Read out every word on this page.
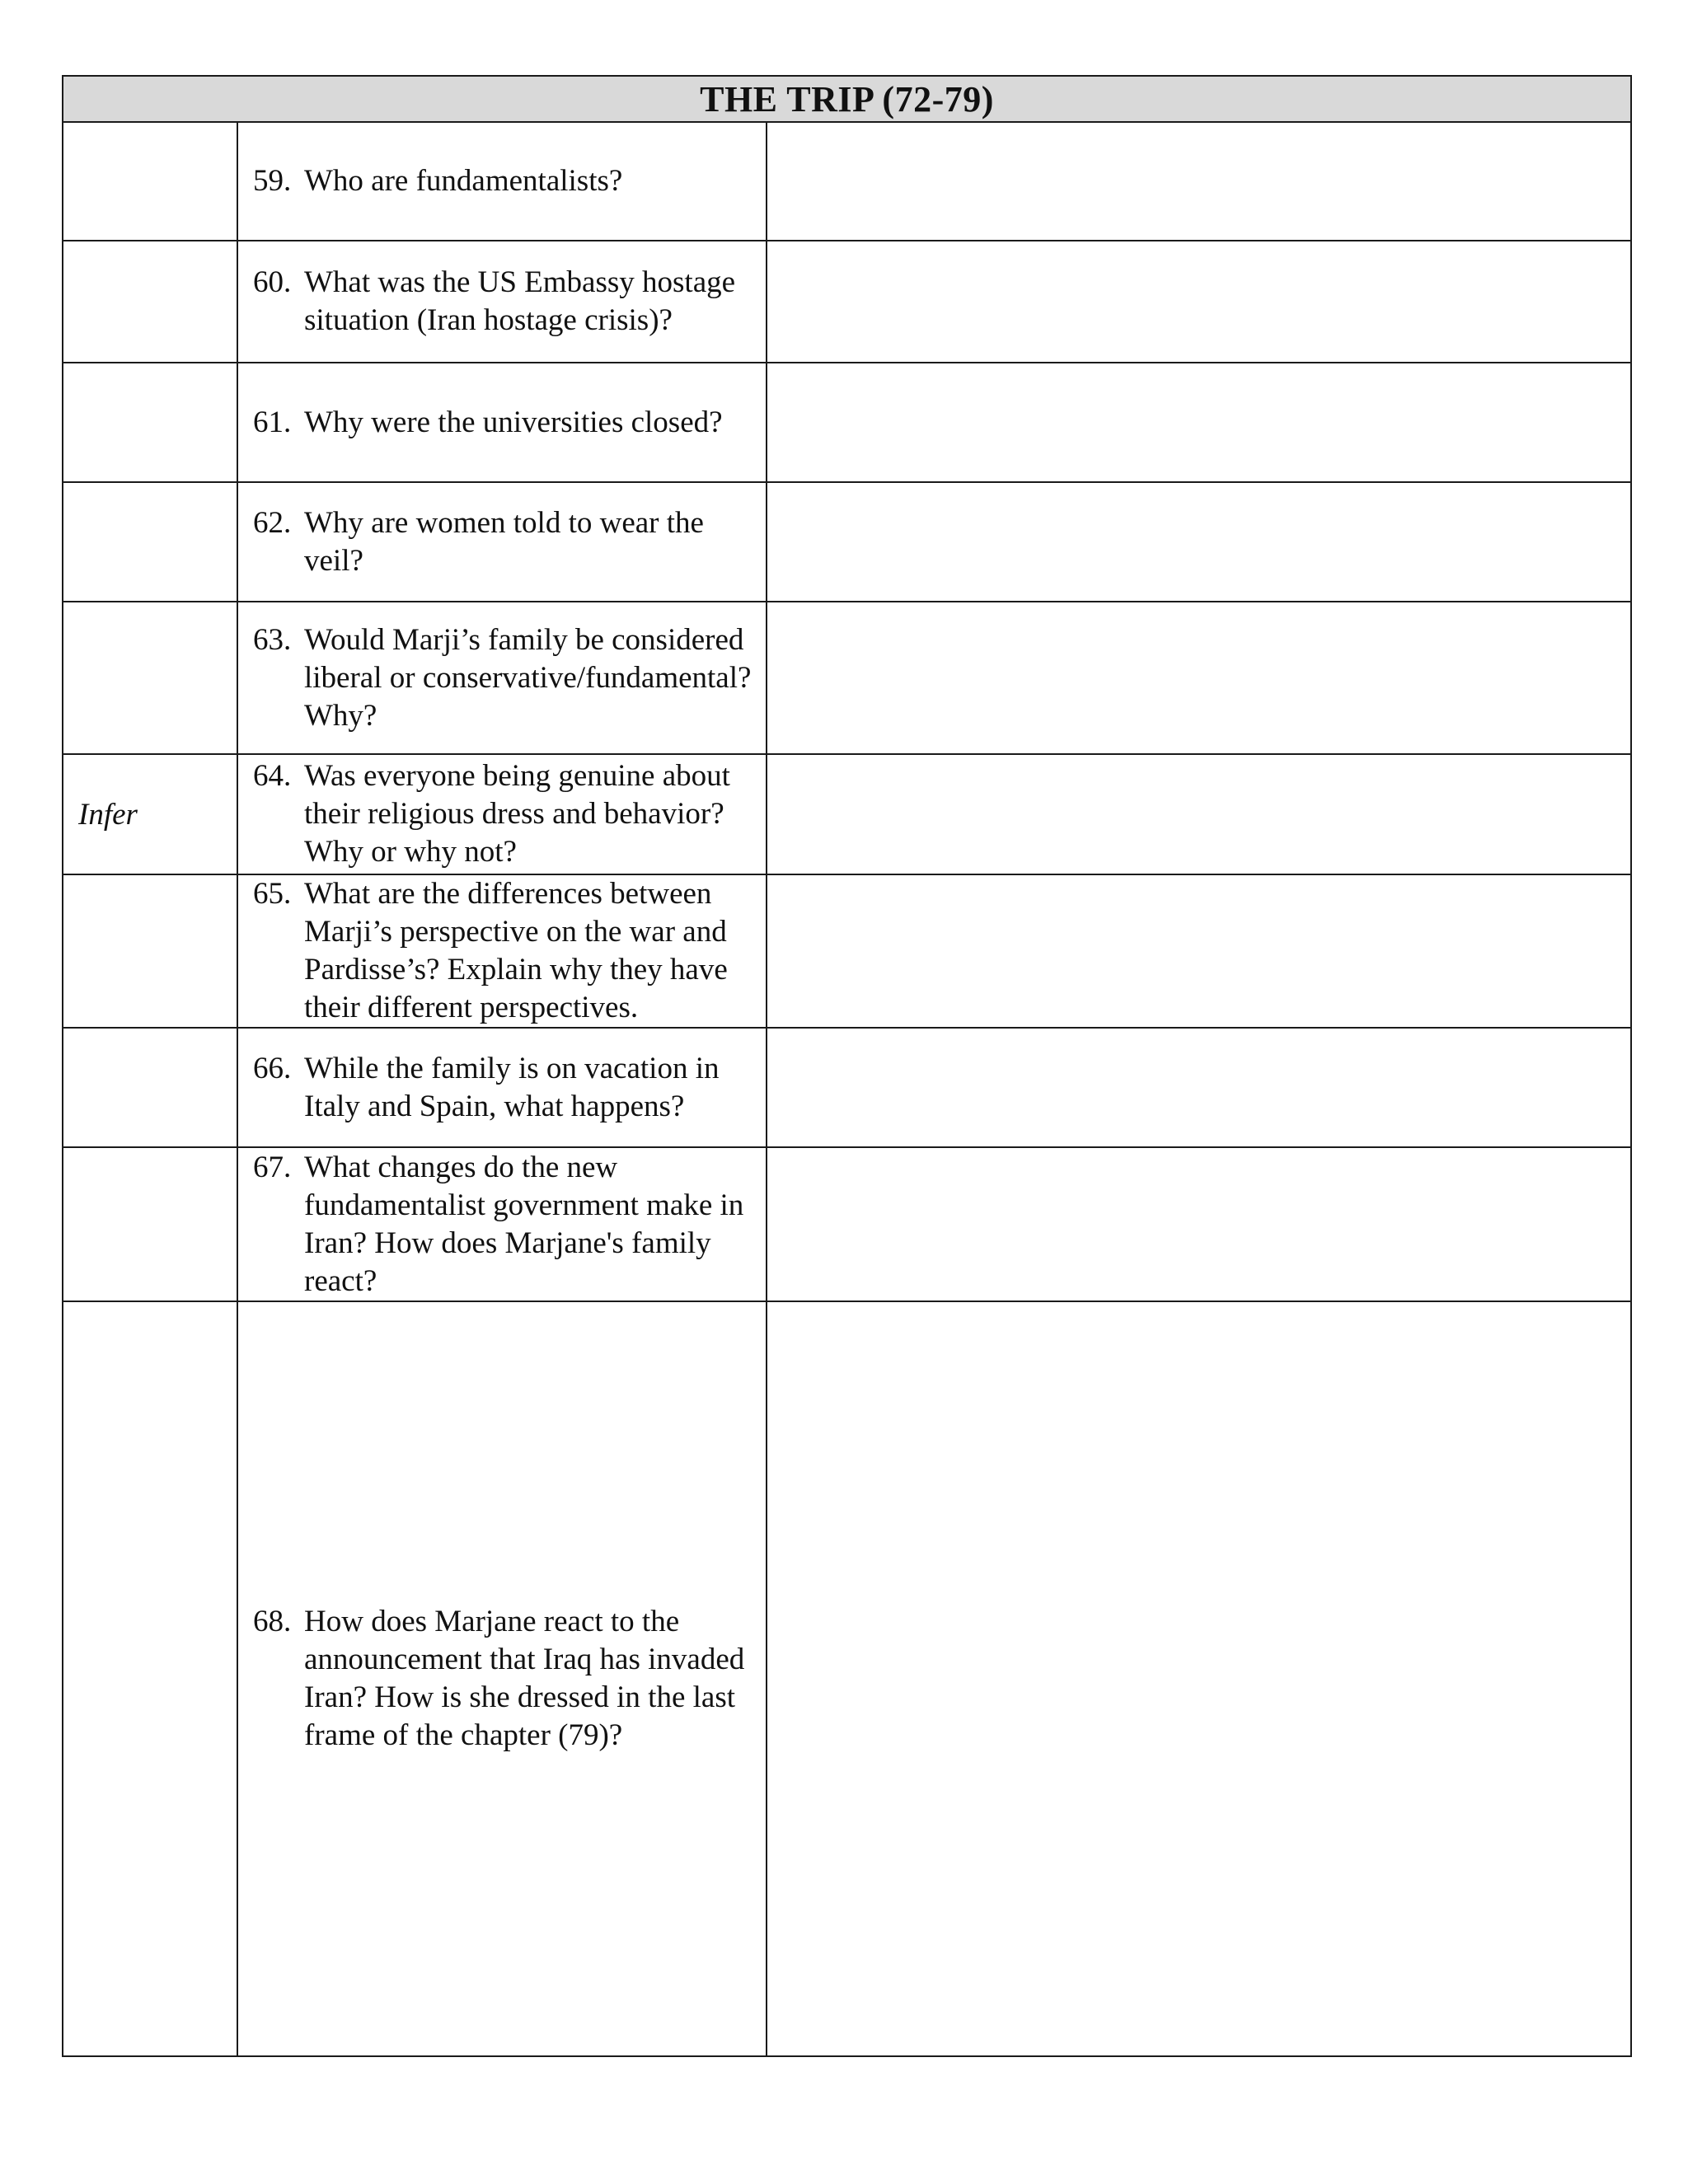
THE TRIP (72-79)		

	59. Who are fundamentalists?	

	60. What was the US Embassy hostage situation (Iran hostage crisis)?	

	61. Why were the universities closed?	

	62. Why are women told to wear the veil?	

	63. Would Marji’s family be considered liberal or conservative/fundamental? Why?	

Infer	64. Was everyone being genuine about their religious dress and behavior? Why or why not?	

	65. What are the differences between Marji’s perspective on the war and Pardisse’s? Explain why they have their different perspectives.	

	66. While the family is on vacation in Italy and Spain, what happens?	

	67. What changes do the new fundamentalist government make in Iran? How does Marjane's family react?	

	68. How does Marjane react to the announcement that Iraq has invaded Iran? How is she dressed in the last frame of the chapter (79)?	
